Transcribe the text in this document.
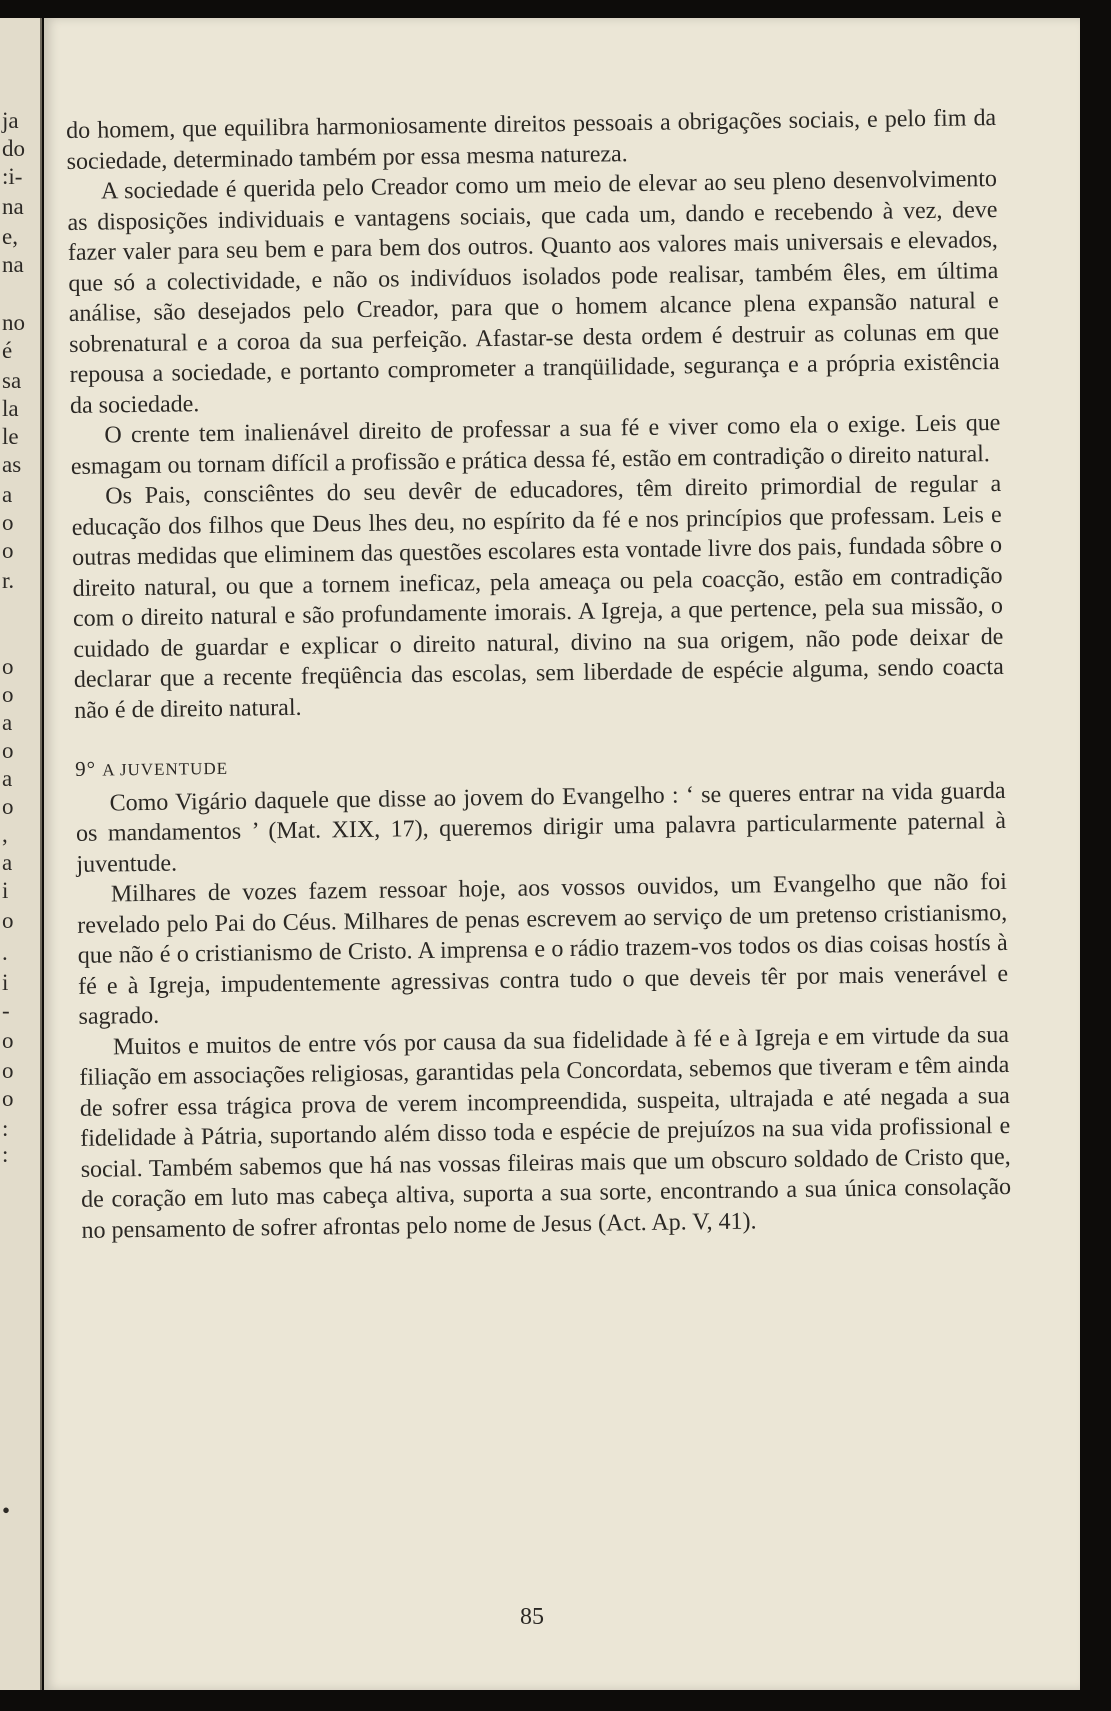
ja
do
:i-
na
e,
na
no
é
sa
la
le
as
a
o
o
r.
o
o
a
o
a
o
,
a
i
o
.
i
-
o
o
o
:
:
•

do homem, que equilibra harmoniosamente direitos pessoais a obrigações sociais, e pelo fim da sociedade, determinado também por essa mesma natureza.

A sociedade é querida pelo Creador como um meio de elevar ao seu pleno desenvolvimento as disposições individuais e vantagens sociais, que cada um, dando e recebendo à vez, deve fazer valer para seu bem e para bem dos outros. Quanto aos valores mais universais e elevados, que só a colectividade, e não os indivíduos isolados pode realisar, também êles, em última análise, são desejados pelo Creador, para que o homem alcance plena expansão natural e sobrenatural e a coroa da sua perfeição. Afastar-se desta ordem é destruir as colunas em que repousa a sociedade, e portanto comprometer a tranqüilidade, segurança e a própria existência da sociedade.

O crente tem inalienável direito de professar a sua fé e viver como ela o exige. Leis que esmagam ou tornam difícil a profissão e prática dessa fé, estão em contradição o direito natural.

Os Pais, consciêntes do seu devêr de educadores, têm direito primordial de regular a educação dos filhos que Deus lhes deu, no espírito da fé e nos princípios que professam. Leis e outras medidas que eliminem das questões escolares esta vontade livre dos pais, fundada sôbre o direito natural, ou que a tornem ineficaz, pela ameaça ou pela coacção, estão em contradição com o direito natural e são profundamente imorais. A Igreja, a que pertence, pela sua missão, o cuidado de guardar e explicar o direito natural, divino na sua origem, não pode deixar de declarar que a recente freqüência das escolas, sem liberdade de espécie alguma, sendo coacta não é de direito natural.

9° A JUVENTUDE

Como Vigário daquele que disse ao jovem do Evangelho : ‘ se queres entrar na vida guarda os mandamentos ’ (Mat. XIX, 17), queremos dirigir uma palavra particularmente paternal à juventude.

Milhares de vozes fazem ressoar hoje, aos vossos ouvidos, um Evangelho que não foi revelado pelo Pai do Céus. Milhares de penas escrevem ao serviço de um pretenso cristianismo, que não é o cristianismo de Cristo. A imprensa e o rádio trazem-vos todos os dias coisas hostís à fé e à Igreja, impudentemente agressivas contra tudo o que deveis têr por mais venerável e sagrado.

Muitos e muitos de entre vós por causa da sua fidelidade à fé e à Igreja e em virtude da sua filiação em associações religiosas, garantidas pela Concordata, sebemos que tiveram e têm ainda de sofrer essa trágica prova de verem incompreendida, suspeita, ultrajada e até negada a sua fidelidade à Pátria, suportando além disso toda e espécie de prejuízos na sua vida profissional e social. Também sabemos que há nas vossas fileiras mais que um obscuro soldado de Cristo que, de coração em luto mas cabeça altiva, suporta a sua sorte, encontrando a sua única consolação no pensamento de sofrer afrontas pelo nome de Jesus (Act. Ap. V, 41).

85
